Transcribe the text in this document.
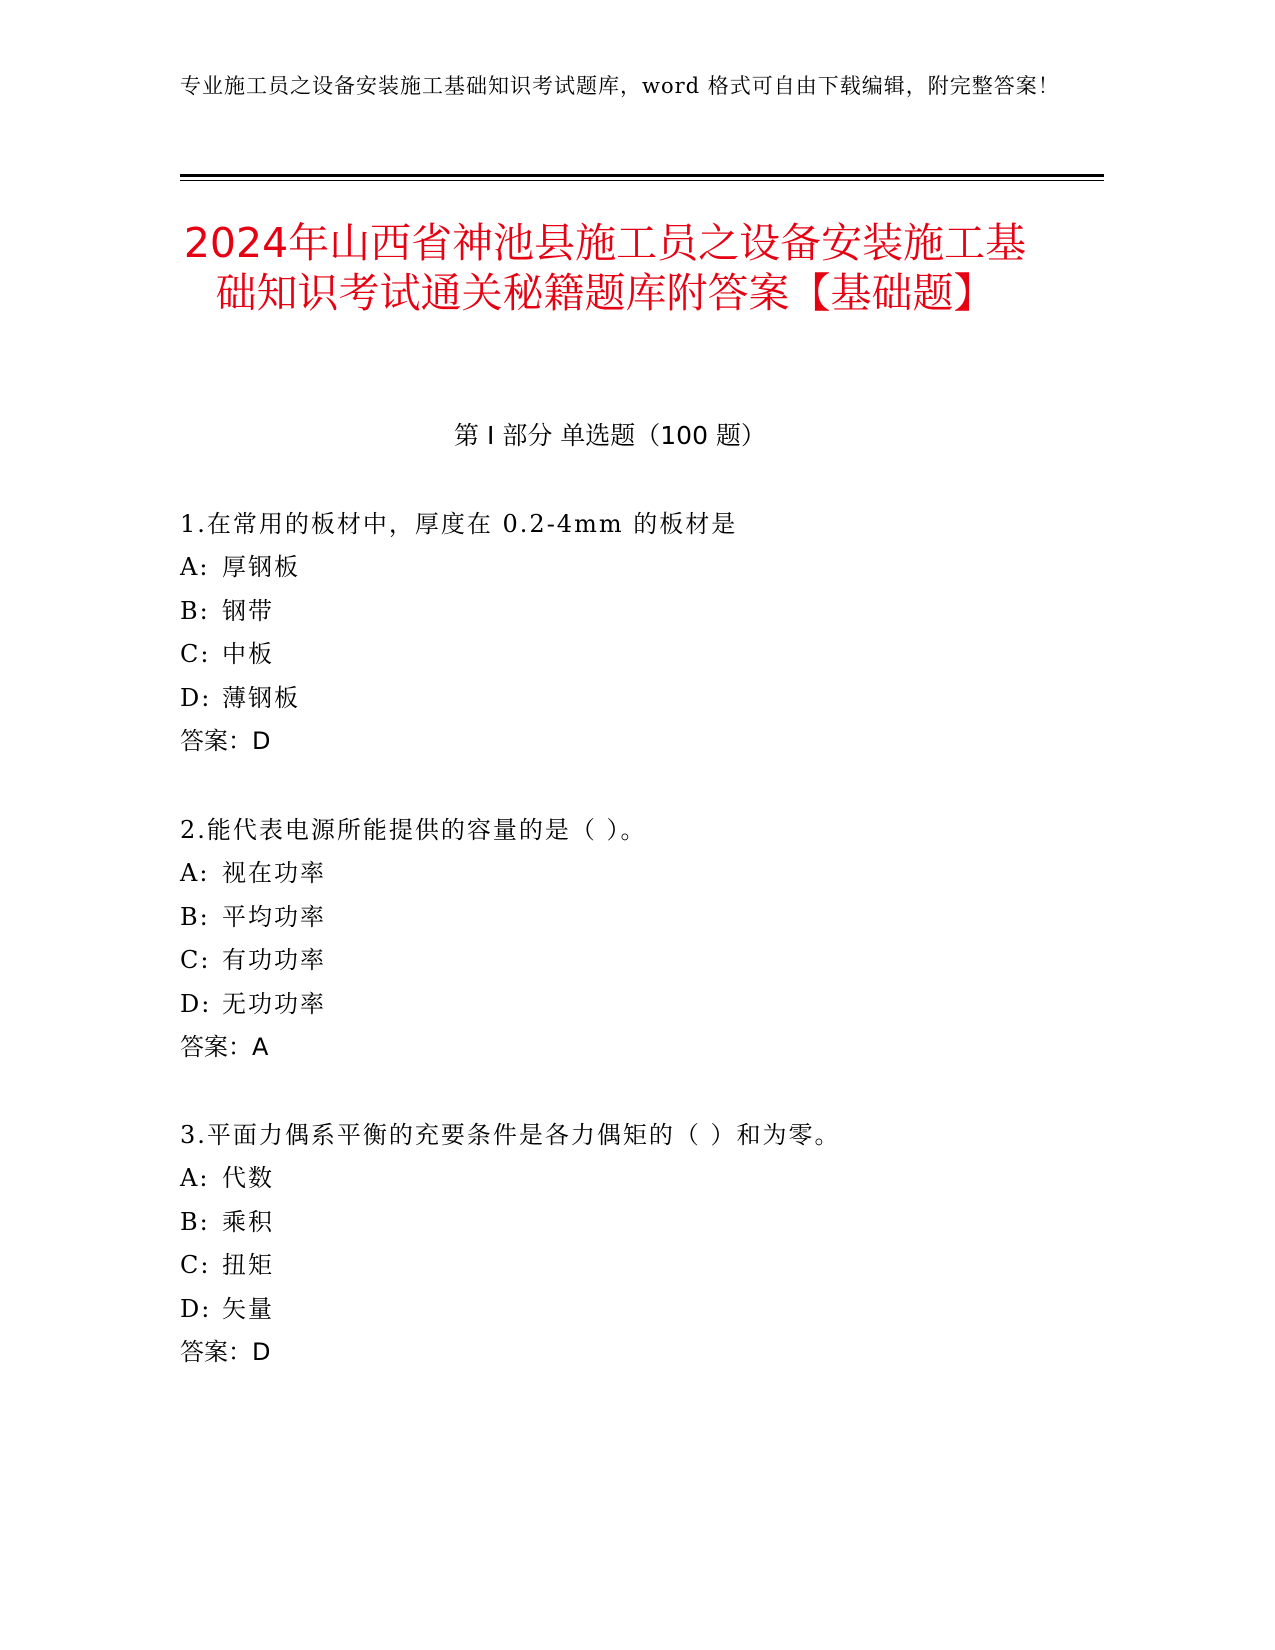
专业施工员之设备安装施工基础知识考试题库，word 格式可自由下载编辑，附完整答案！
2024年山西省神池县施工员之设备安装施工基础知识考试通关秘籍题库附答案【基础题】
第 I 部分 单选题（100 题）
1.在常用的板材中，厚度在 0.2-4mm 的板材是
A: 厚钢板
B: 钢带
C: 中板
D: 薄钢板
答案：D
2.能代表电源所能提供的容量的是（ ）。
A: 视在功率
B: 平均功率
C: 有功功率
D: 无功功率
答案：A
3.平面力偶系平衡的充要条件是各力偶矩的（ ）和为零。
A: 代数
B: 乘积
C: 扭矩
D: 矢量
答案：D
